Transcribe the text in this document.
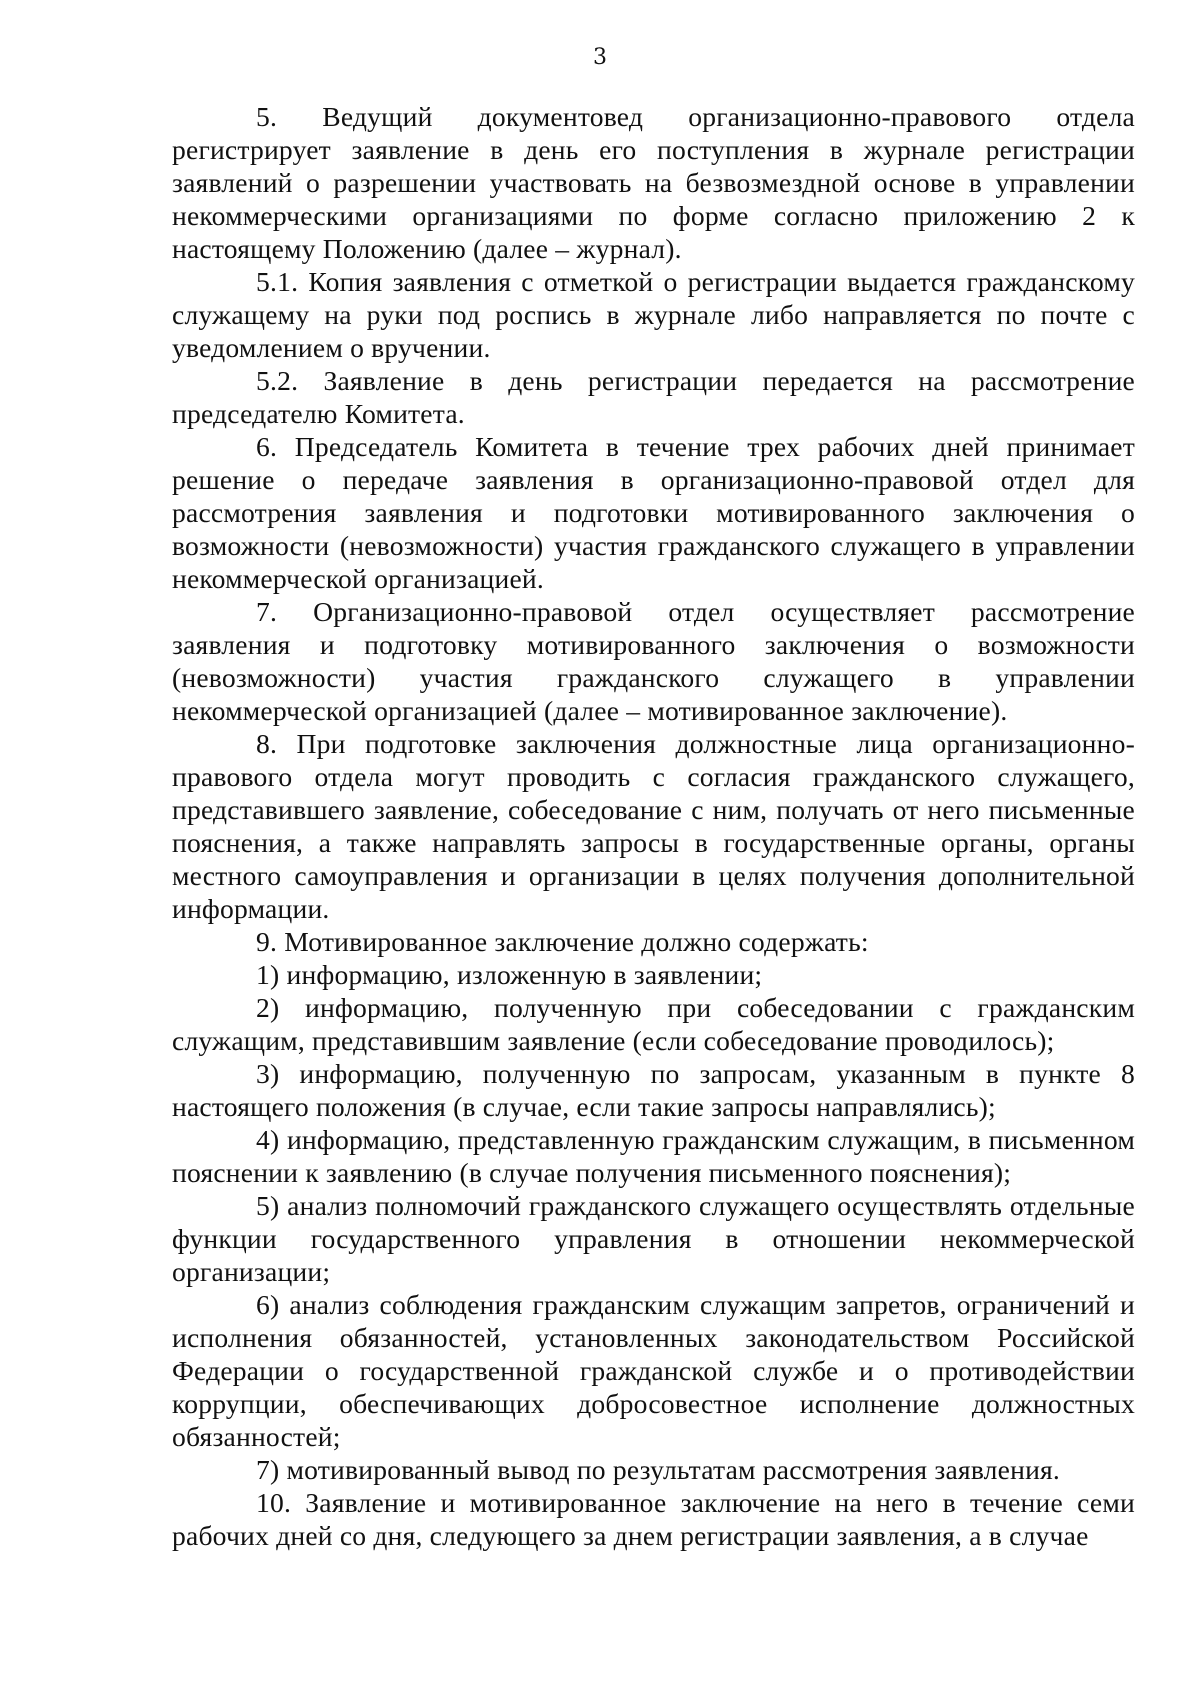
3

5. Ведущий документовед организационно-правового отдела регистрирует заявление в день его поступления в журнале регистрации заявлений о разрешении участвовать на безвозмездной основе в управлении некоммерческими организациями по форме согласно приложению 2 к настоящему Положению (далее – журнал).

5.1. Копия заявления с отметкой о регистрации выдается гражданскому служащему на руки под роспись в журнале либо направляется по почте с уведомлением о вручении.

5.2. Заявление в день регистрации передается на рассмотрение председателю Комитета.

6. Председатель Комитета в течение трех рабочих дней принимает решение о передаче заявления в организационно-правовой отдел для рассмотрения заявления и подготовки мотивированного заключения о возможности (невозможности) участия гражданского служащего в управлении некоммерческой организацией.

7. Организационно-правовой отдел осуществляет рассмотрение заявления и подготовку мотивированного заключения о возможности (невозможности) участия гражданского служащего в управлении некоммерческой организацией (далее – мотивированное заключение).

8. При подготовке заключения должностные лица организационно-правового отдела могут проводить с согласия гражданского служащего, представившего заявление, собеседование с ним, получать от него письменные пояснения, а также направлять запросы в государственные органы, органы местного самоуправления и организации в целях получения дополнительной информации.

9. Мотивированное заключение должно содержать:

1) информацию, изложенную в заявлении;

2) информацию, полученную при собеседовании с гражданским служащим, представившим заявление (если собеседование проводилось);

3) информацию, полученную по запросам, указанным в пункте 8 настоящего положения (в случае, если такие запросы направлялись);

4) информацию, представленную гражданским служащим, в письменном пояснении к заявлению (в случае получения письменного пояснения);

5) анализ полномочий гражданского служащего осуществлять отдельные функции государственного управления в отношении некоммерческой организации;

6) анализ соблюдения гражданским служащим запретов, ограничений и исполнения обязанностей, установленных законодательством Российской Федерации о государственной гражданской службе и о противодействии коррупции, обеспечивающих добросовестное исполнение должностных обязанностей;

7) мотивированный вывод по результатам рассмотрения заявления.

10. Заявление и мотивированное заключение на него в течение семи рабочих дней со дня, следующего за днем регистрации заявления, а в случае
